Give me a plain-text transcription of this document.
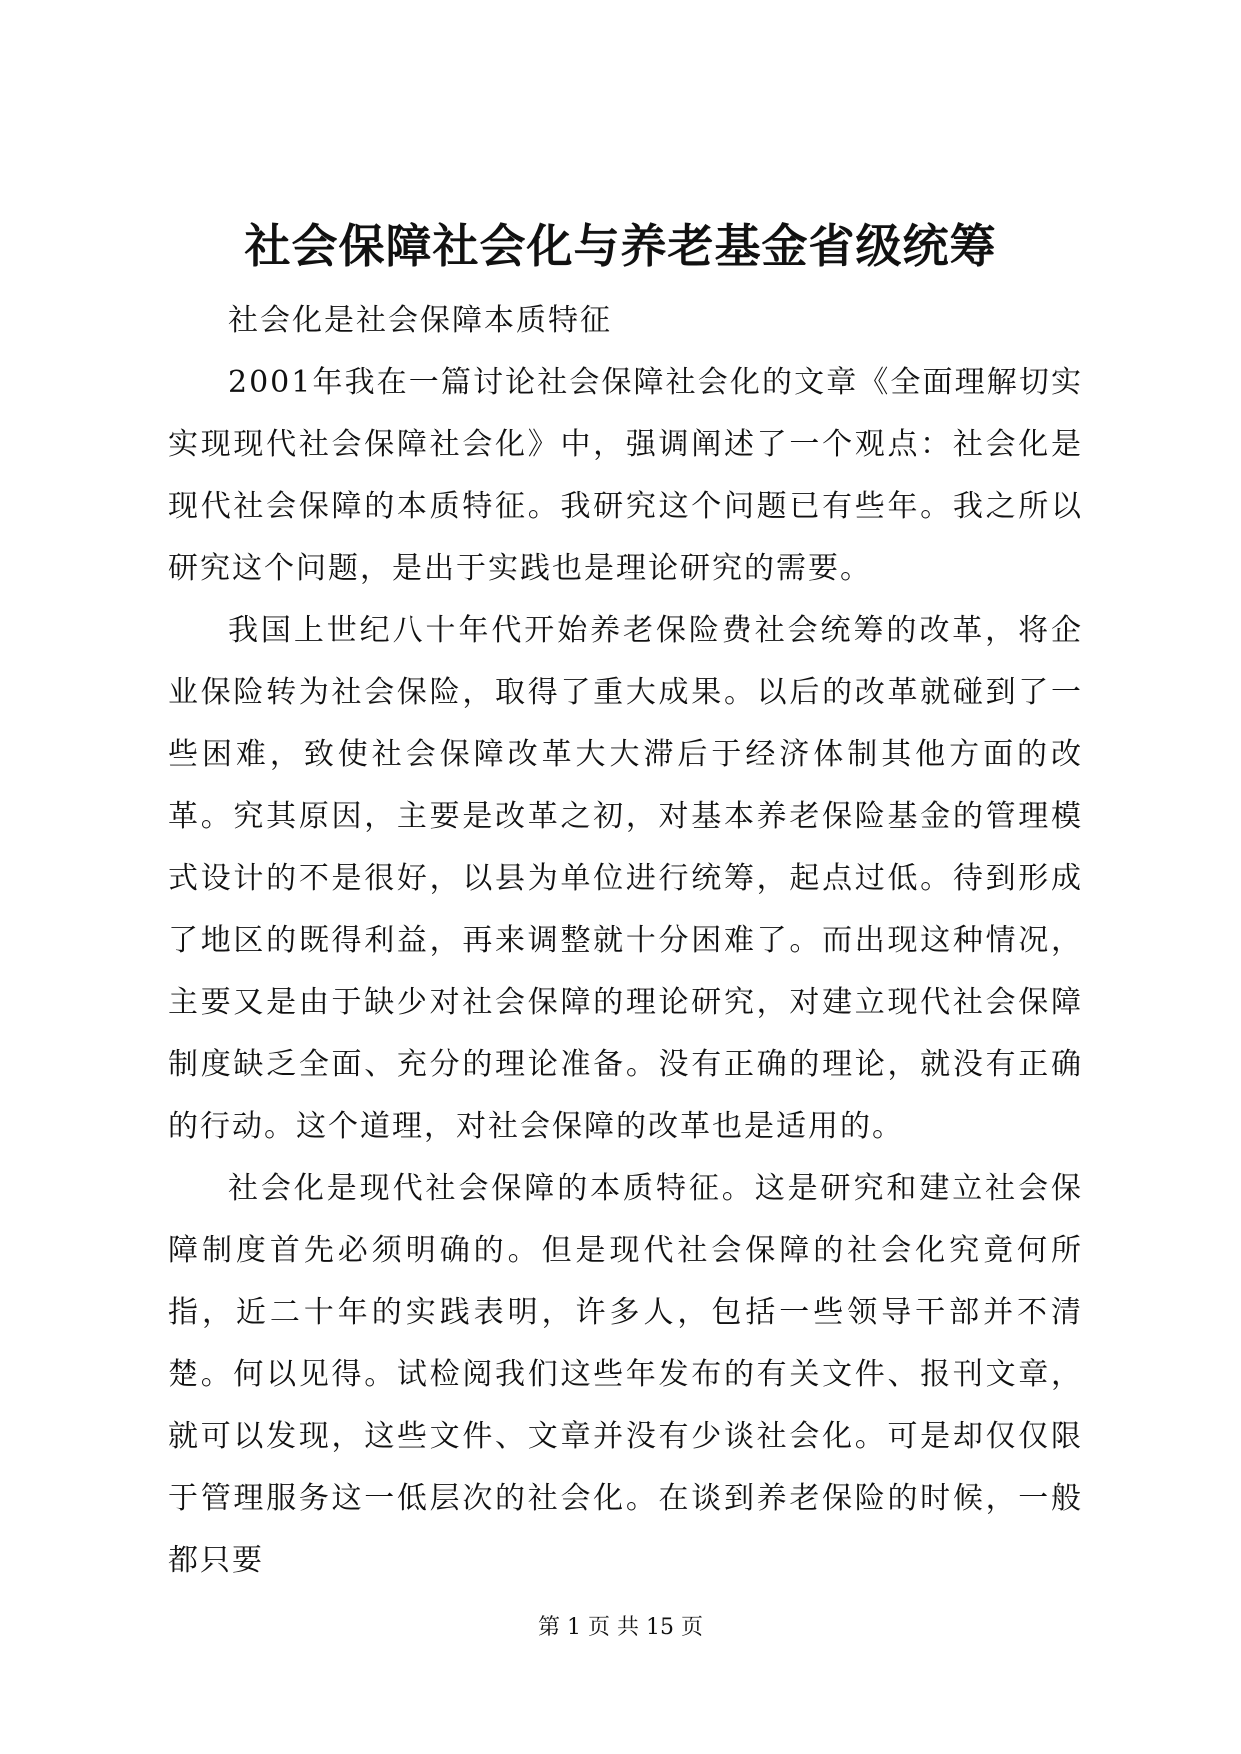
社会保障社会化与养老基金省级统筹
社会化是社会保障本质特征

2001年我在一篇讨论社会保障社会化的文章《全面理解切实实现现代社会保障社会化》中，强调阐述了一个观点：社会化是现代社会保障的本质特征。我研究这个问题已有些年。我之所以研究这个问题，是出于实践也是理论研究的需要。

我国上世纪八十年代开始养老保险费社会统筹的改革，将企业保险转为社会保险，取得了重大成果。以后的改革就碰到了一些困难，致使社会保障改革大大滞后于经济体制其他方面的改革。究其原因，主要是改革之初，对基本养老保险基金的管理模式设计的不是很好，以县为单位进行统筹，起点过低。待到形成了地区的既得利益，再来调整就十分困难了。而出现这种情况，主要又是由于缺少对社会保障的理论研究，对建立现代社会保障制度缺乏全面、充分的理论准备。没有正确的理论，就没有正确的行动。这个道理，对社会保障的改革也是适用的。

社会化是现代社会保障的本质特征。这是研究和建立社会保障制度首先必须明确的。但是现代社会保障的社会化究竟何所指，近二十年的实践表明，许多人，包括一些领导干部并不清楚。何以见得。试检阅我们这些年发布的有关文件、报刊文章，就可以发现，这些文件、文章并没有少谈社会化。可是却仅仅限于管理服务这一低层次的社会化。在谈到养老保险的时候，一般都只要

第 1 页 共 15 页
